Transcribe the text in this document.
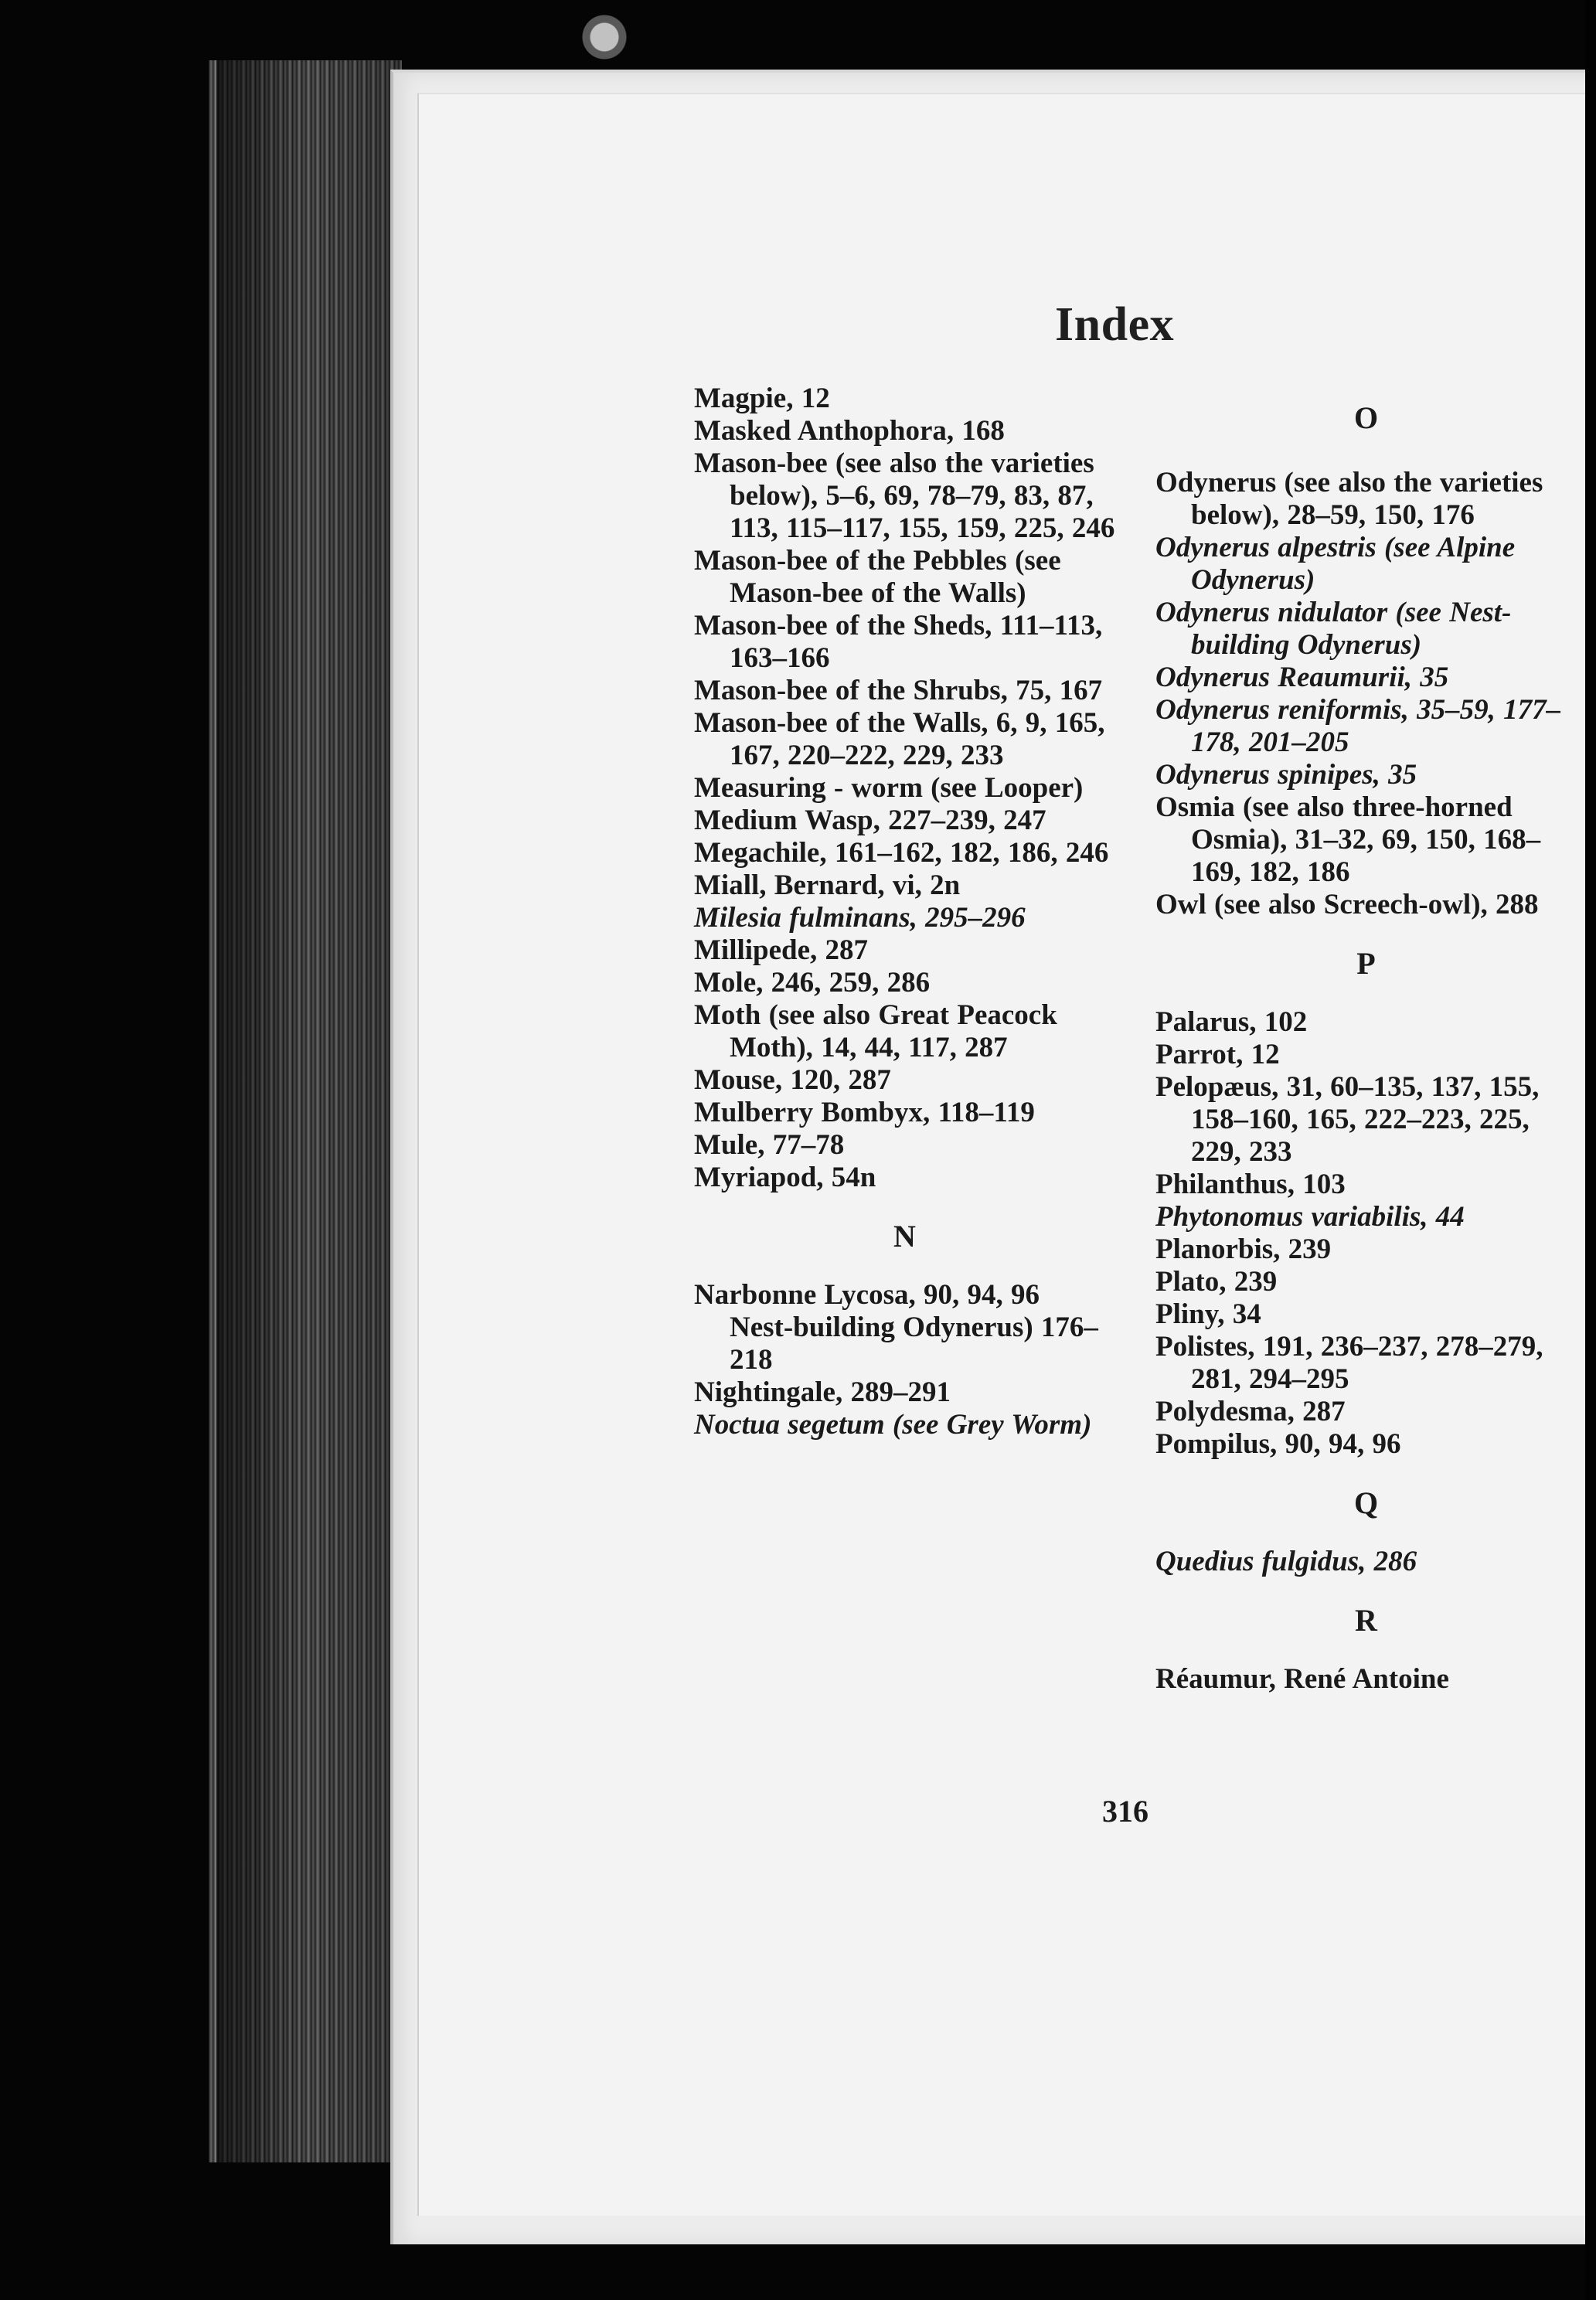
Index

Magpie, 12

Masked Anthophora, 168

Mason-bee (see also the varieties below), 5–6, 69, 78–79, 83, 87, 113, 115–117, 155, 159, 225, 246

Mason-bee of the Pebbles (see Mason-bee of the Walls)

Mason-bee of the Sheds, 111–113, 163–166

Mason-bee of the Shrubs, 75, 167

Mason-bee of the Walls, 6, 9, 165, 167, 220–222, 229, 233

Measuring - worm (see Looper)

Medium Wasp, 227–239, 247

Megachile, 161–162, 182, 186, 246

Miall, Bernard, vi, 2n

Milesia fulminans, 295–296

Millipede, 287

Mole, 246, 259, 286

Moth (see also Great Peacock Moth), 14, 44, 117, 287

Mouse, 120, 287

Mulberry Bombyx, 118–119

Mule, 77–78

Myriapod, 54n

N

Narbonne Lycosa, 90, 94, 96

Nest-building Odynerus) 176–218

Nightingale, 289–291

Noctua segetum (see Grey Worm)

O

Odynerus (see also the varieties below), 28–59, 150, 176

Odynerus alpestris (see Alpine Odynerus)

Odynerus nidulator (see Nest-building Odynerus)

Odynerus Reaumurii, 35

Odynerus reniformis, 35–59, 177–178, 201–205

Odynerus spinipes, 35

Osmia (see also three-horned Osmia), 31–32, 69, 150, 168–169, 182, 186

Owl (see also Screech-owl), 288

P

Palarus, 102

Parrot, 12

Pelopæus, 31, 60–135, 137, 155, 158–160, 165, 222–223, 225, 229, 233

Philanthus, 103

Phytonomus variabilis, 44

Planorbis, 239

Plato, 239

Pliny, 34

Polistes, 191, 236–237, 278–279, 281, 294–295

Polydesma, 287

Pompilus, 90, 94, 96

Q

Quedius fulgidus, 286

R

Réaumur, René Antoine

316
